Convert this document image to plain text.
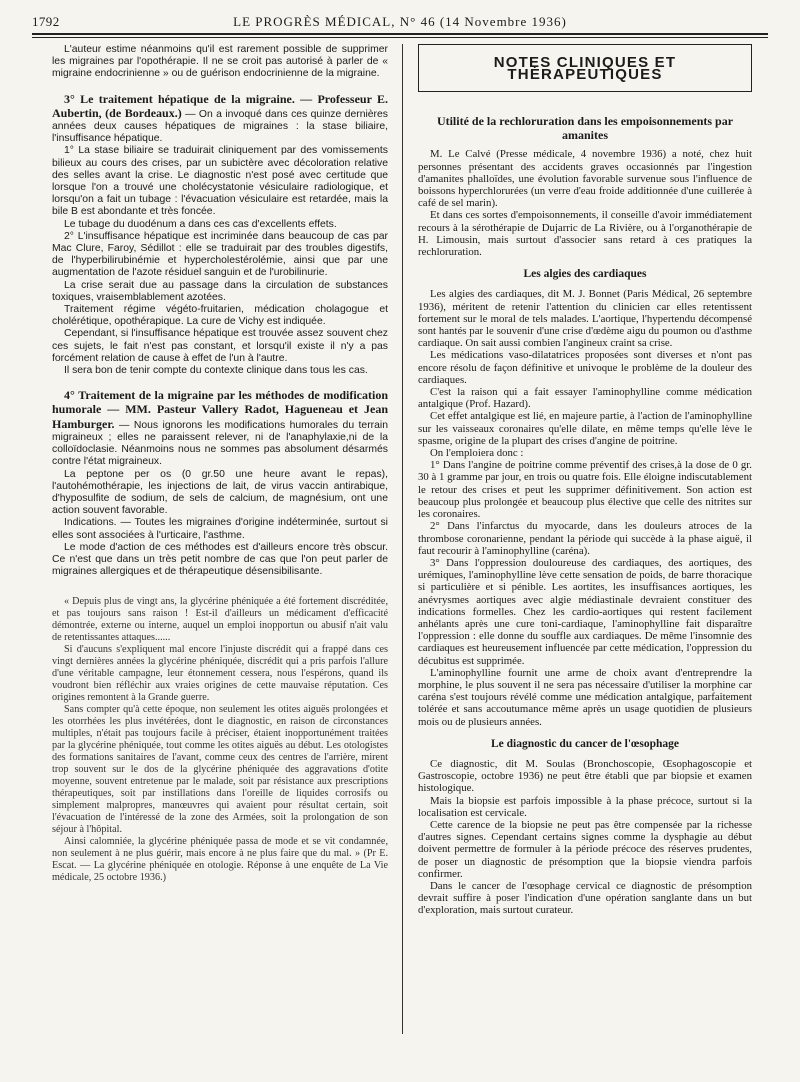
1792	LE PROGRÈS MÉDICAL, N° 46 (14 Novembre 1936)

L'auteur estime néanmoins qu'il est rarement possible de supprimer les migraines par l'opothérapie. Il ne se croit pas autorisé à parler de « migraine endocrinienne » ou de guérison endocrinienne de la migraine.

3° Le traitement hépatique de la migraine. — Professeur E. Aubertin, (de Bordeaux.) — On a invoqué dans ces quinze dernières années deux causes hépatiques de migraines : la stase biliaire, l'insuffisance hépatique.

1° La stase biliaire se traduirait cliniquement par des vomissements bilieux au cours des crises, par un subictère avec décoloration relative des selles avant la crise. Le diagnostic n'est posé avec certitude que lorsque l'on a trouvé une cholécystatonie vésiculaire radiologique, et lorsqu'on a fait un tubage : l'évacuation vésiculaire est retardée, mais la bile B est abondante et très foncée.

Le tubage du duodénum a dans ces cas d'excellents effets.

2° L'insuffisance hépatique est incriminée dans beaucoup de cas par Mac Clure, Faroy, Sédillot : elle se traduirait par des troubles digestifs, de l'hyperbilirubinémie et hypercholestérolémie, ainsi que par une augmentation de l'azote résiduel sanguin et de l'urobilinurie.

La crise serait due au passage dans la circulation de substances toxiques, vraisemblablement azotées.

Traitement régime végéto-fruitarien, médication cholagogue et cholérétique, opothérapique. La cure de Vichy est indiquée.

Cependant, si l'insuffisance hépatique est trouvée assez souvent chez ces sujets, le fait n'est pas constant, et lorsqu'il existe il n'y a pas forcément relation de cause à effet de l'un à l'autre.

Il sera bon de tenir compte du contexte clinique dans tous les cas.

4° Traitement de la migraine par les méthodes de modification humorale — MM. Pasteur Vallery Radot, Hagueneau et Jean Hamburger. — Nous ignorons les modifications humorales du terrain migraineux ; elles ne paraissent relever, ni de l'anaphylaxie,ni de la colloïdoclasie. Néanmoins nous ne sommes pas absolument désarmés contre l'état migraineux.

La peptone per os (0 gr.50 une heure avant le repas), l'autohémothérapie, les injections de lait, de virus vaccin antirabique, d'hyposulfite de sodium, de sels de calcium, de magnésium, ont une action souvent favorable.

Indications. — Toutes les migraines d'origine indéterminée, surtout si elles sont associées à l'urticaire, l'asthme.

Le mode d'action de ces méthodes est d'ailleurs encore très obscur. Ce n'est que dans un très petit nombre de cas que l'on peut parler de migraines allergiques et de thérapeutique désensibilisante.

« Depuis plus de vingt ans, la glycérine phéniquée a été fortement discréditée, et pas toujours sans raison ! Est-il d'ailleurs un médicament d'efficacité démontrée, externe ou interne, auquel un emploi inopportun ou abusif n'ait valu de retentissantes attaques......

Si d'aucuns s'expliquent mal encore l'injuste discrédit qui a frappé dans ces vingt dernières années la glycérine phéniquée, discrédit qui a pris parfois l'allure d'une véritable campagne, leur étonnement cessera, nous l'espérons, quand ils voudront bien réfléchir aux vraies origines de cette mauvaise réputation. Ces origines remontent à la Grande guerre.

Sans compter qu'à cette époque, non seulement les otites aiguës prolongées et les otorrhées les plus invétérées, dont le diagnostic, en raison de circonstances multiples, n'était pas toujours facile à préciser, étaient inopportunément traitées par la glycérine phéniquée, tout comme les otites aiguës au début. Les otologistes des formations sanitaires de l'avant, comme ceux des centres de l'arrière, mirent trop souvent sur le dos de la glycérine phéniquée des aggravations d'otite moyenne, souvent entretenue par le malade, soit par résistance aux prescriptions thérapeutiques, soit par instillations dans l'oreille de liquides corrosifs ou simplement malpropres, manœuvres qui avaient pour résultat certain, soit l'évacuation de l'intéressé de la zone des Armées, soit la prolongation de son séjour à l'hôpital.

Ainsi calomniée, la glycérine phéniquée passa de mode et se vit condamnée, non seulement à ne plus guérir, mais encore à ne plus faire que du mal. » (Pr E. Escat. — La glycérine phéniquée en otologie. Réponse à une enquête de La Vie médicale, 25 octobre 1936.)

NOTES CLINIQUES ET THÉRAPEUTIQUES
Utilité de la rechloruration dans les empoisonnements par amanites

M. Le Calvé (Presse médicale, 4 novembre 1936) a noté, chez huit personnes présentant des accidents graves occasionnés par l'ingestion d'amanites phalloïdes, une évolution favorable survenue sous l'influence de boissons hyperchlorurées (un verre d'eau froide additionnée d'une cuillerée à café de sel marin).

Et dans ces sortes d'empoisonnements, il conseille d'avoir immédiatement recours à la sérothérapie de Dujarric de La Rivière, ou à l'organothérapie de H. Limousin, mais surtout d'associer sans retard à ces pratiques la rechloruration.

Les algies des cardiaques

Les algies des cardiaques, dit M. J. Bonnet (Paris Médical, 26 septembre 1936), méritent de retenir l'attention du clinicien car elles retentissent fortement sur le moral de tels malades. L'aortique, l'hypertendu décompensé sont hantés par le souvenir d'une crise d'œdème aigu du poumon ou d'asthme cardiaque. On sait aussi combien l'angineux craint sa crise.

Les médications vaso-dilatatrices proposées sont diverses et n'ont pas encore résolu de façon définitive et univoque le problème de la douleur des cardiaques.

C'est la raison qui a fait essayer l'aminophylline comme médication antalgique (Prof. Hazard).

Cet effet antalgique est lié, en majeure partie, à l'action de l'aminophylline sur les vaisseaux coronaires qu'elle dilate, en même temps qu'elle lève le spasme, origine de la plupart des crises d'angine de poitrine.

On l'emploiera donc :

1° Dans l'angine de poitrine comme préventif des crises,à la dose de 0 gr. 30 à 1 gramme par jour, en trois ou quatre fois. Elle éloigne indiscutablement le retour des crises et peut les supprimer définitivement. Son action est beaucoup plus prolongée et beaucoup plus élective que celle des nitrites sur les coronaires.

2° Dans l'infarctus du myocarde, dans les douleurs atroces de la thrombose coronarienne, pendant la période qui succède à la phase aiguë, il faut recourir à l'aminophylline (caréna).

3° Dans l'oppression douloureuse des cardiaques, des aortiques, des urémiques, l'aminophylline lève cette sensation de poids, de barre thoracique si particulière et si pénible. Les aortites, les insuffisances aortiques, les anévrysmes aortiques avec algie médiastinale devraient constituer des indications formelles. Chez les cardio-aortiques qui restent facilement anhélants après une cure toni-cardiaque, l'aminophylline fait disparaître l'oppression : elle donne du souffle aux cardiaques. De même l'insomnie des cardiaques est heureusement influencée par cette médication, l'oppression du décubitus est supprimée.

L'aminophylline fournit une arme de choix avant d'entreprendre la morphine, le plus souvent il ne sera pas nécessaire d'utiliser la morphine car caréna s'est toujours révélé comme une médication antalgique, parfaitement tolérée et sans accoutumance même après un usage quotidien de plusieurs mois ou de plusieurs années.

Le diagnostic du cancer de l'œsophage

Ce diagnostic, dit M. Soulas (Bronchoscopie, Œsophagoscopie et Gastroscopie, octobre 1936) ne peut être établi que par biopsie et examen histologique.

Mais la biopsie est parfois impossible à la phase précoce, surtout si la localisation est cervicale.

Cette carence de la biopsie ne peut pas être compensée par la richesse d'autres signes. Cependant certains signes comme la dysphagie au début doivent permettre de formuler à la période précoce des réserves prudentes, de poser un diagnostic de présomption que la biopsie viendra parfois confirmer.

Dans le cancer de l'œsophage cervical ce diagnostic de présomption devrait suffire à poser l'indication d'une opération sanglante dans un but d'exploration, mais surtout curateur.
